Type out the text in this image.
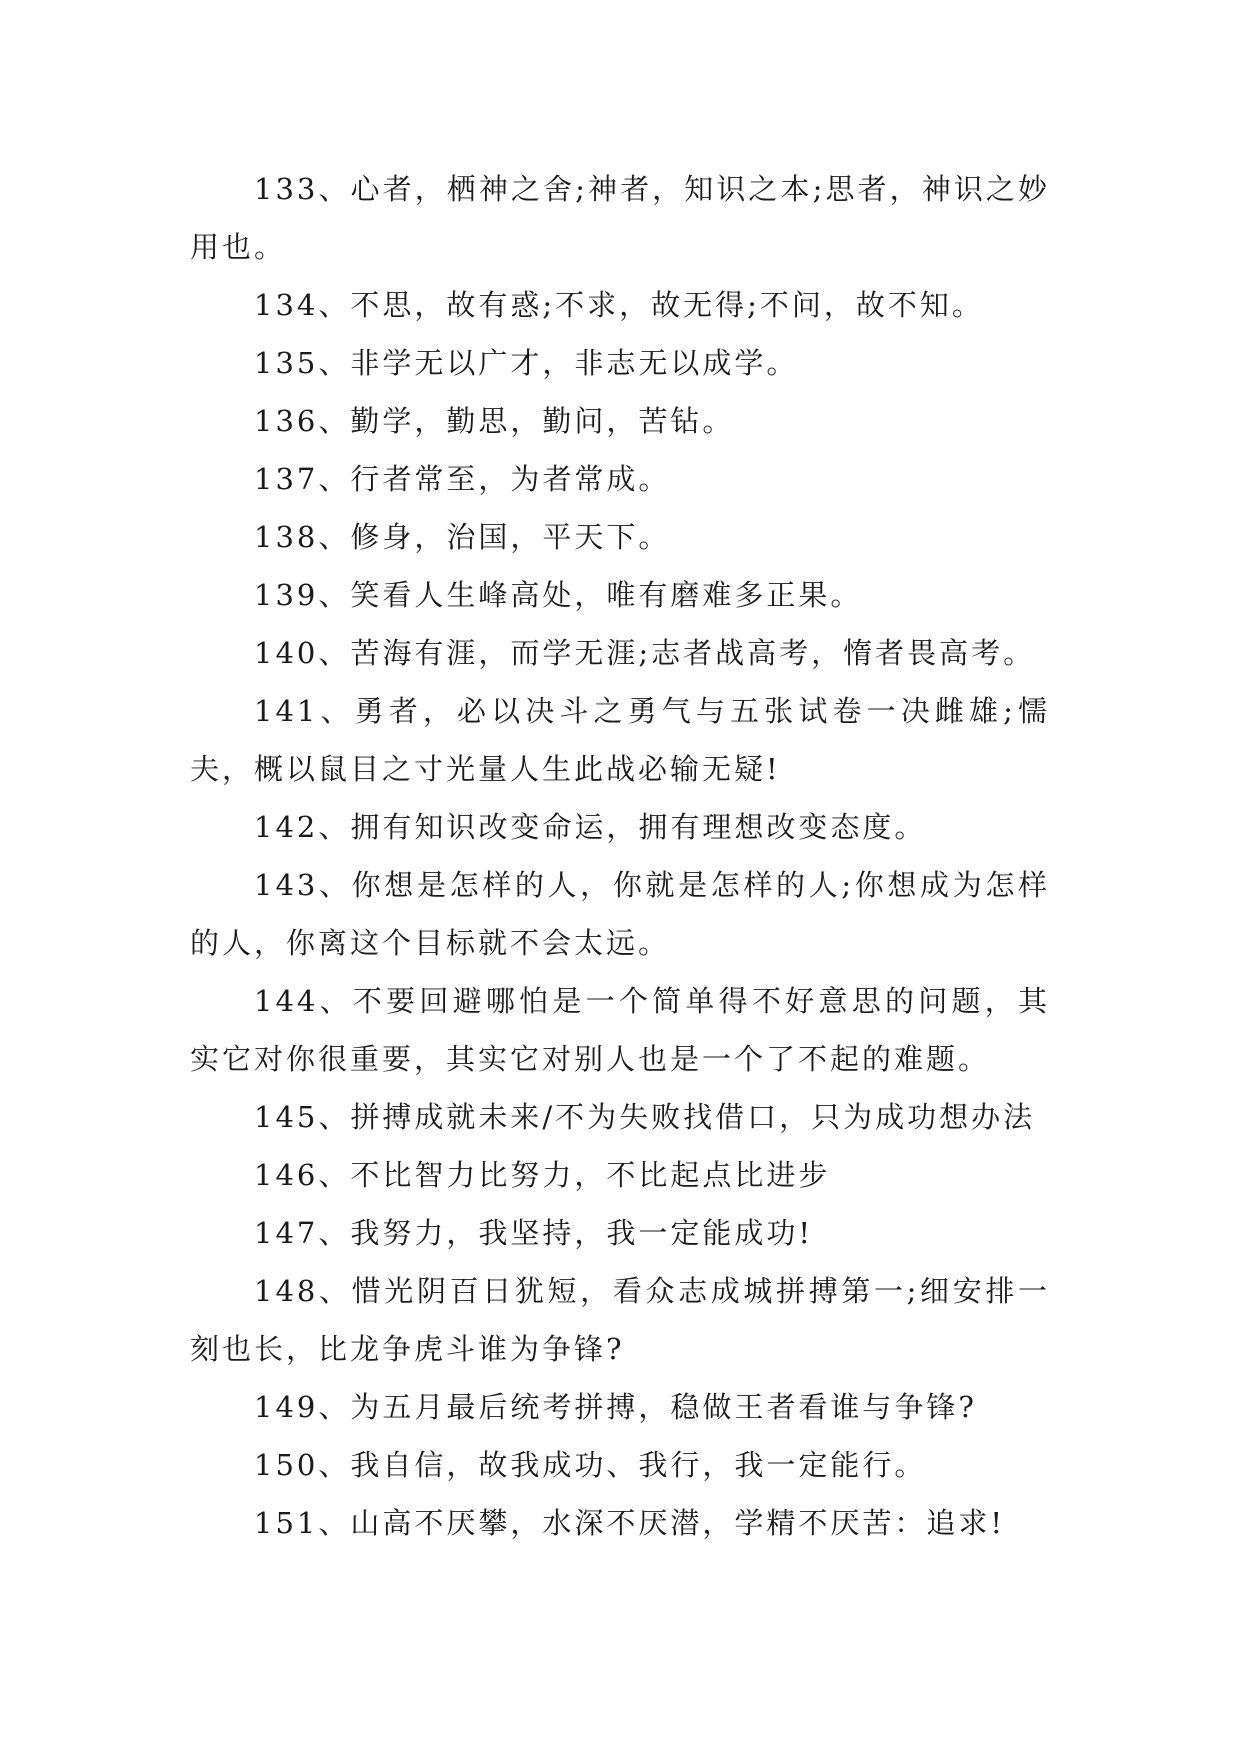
133、心者，栖神之舍;神者，知识之本;思者，神识之妙用也。

134、不思，故有惑;不求，故无得;不问，故不知。

135、非学无以广才，非志无以成学。

136、勤学，勤思，勤问，苦钻。

137、行者常至，为者常成。

138、修身，治国，平天下。

139、笑看人生峰高处，唯有磨难多正果。

140、苦海有涯，而学无涯;志者战高考，惰者畏高考。

141、勇者，必以决斗之勇气与五张试卷一决雌雄;懦夫，概以鼠目之寸光量人生此战必输无疑!

142、拥有知识改变命运，拥有理想改变态度。

143、你想是怎样的人，你就是怎样的人;你想成为怎样的人，你离这个目标就不会太远。

144、不要回避哪怕是一个简单得不好意思的问题，其实它对你很重要，其实它对别人也是一个了不起的难题。

145、拼搏成就未来/不为失败找借口，只为成功想办法

146、不比智力比努力，不比起点比进步

147、我努力，我坚持，我一定能成功!

148、惜光阴百日犹短，看众志成城拼搏第一;细安排一刻也长，比龙争虎斗谁为争锋?

149、为五月最后统考拼搏，稳做王者看谁与争锋?

150、我自信，故我成功、我行，我一定能行。

151、山高不厌攀，水深不厌潜，学精不厌苦：追求!
